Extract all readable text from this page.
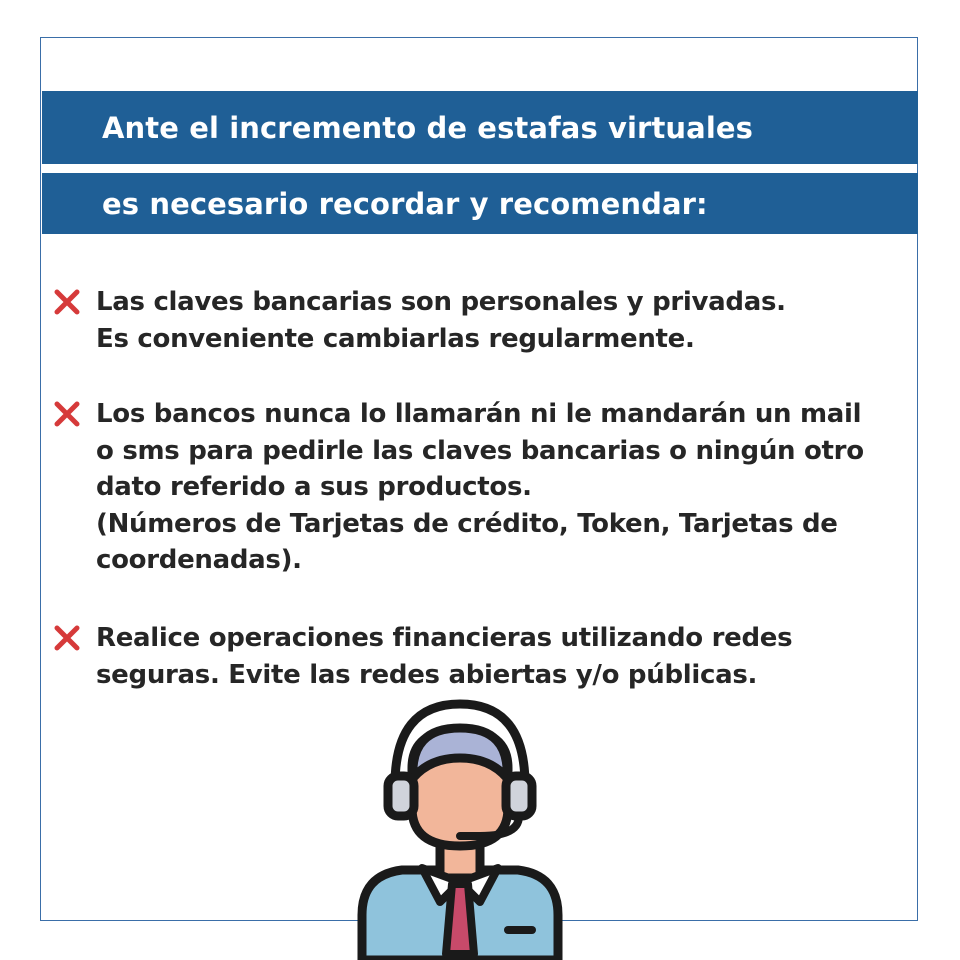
Ante el incremento de estafas virtuales
es necesario recordar y recomendar:
Las claves bancarias son personales y privadas.
Es conveniente cambiarlas regularmente.
Los bancos nunca lo llamarán ni le mandarán un mail
o sms para pedirle las claves bancarias o ningún otro
dato referido a sus productos.
(Números de Tarjetas de crédito, Token, Tarjetas de
coordenadas).
Realice operaciones financieras utilizando redes
seguras. Evite las redes abiertas y/o públicas.
